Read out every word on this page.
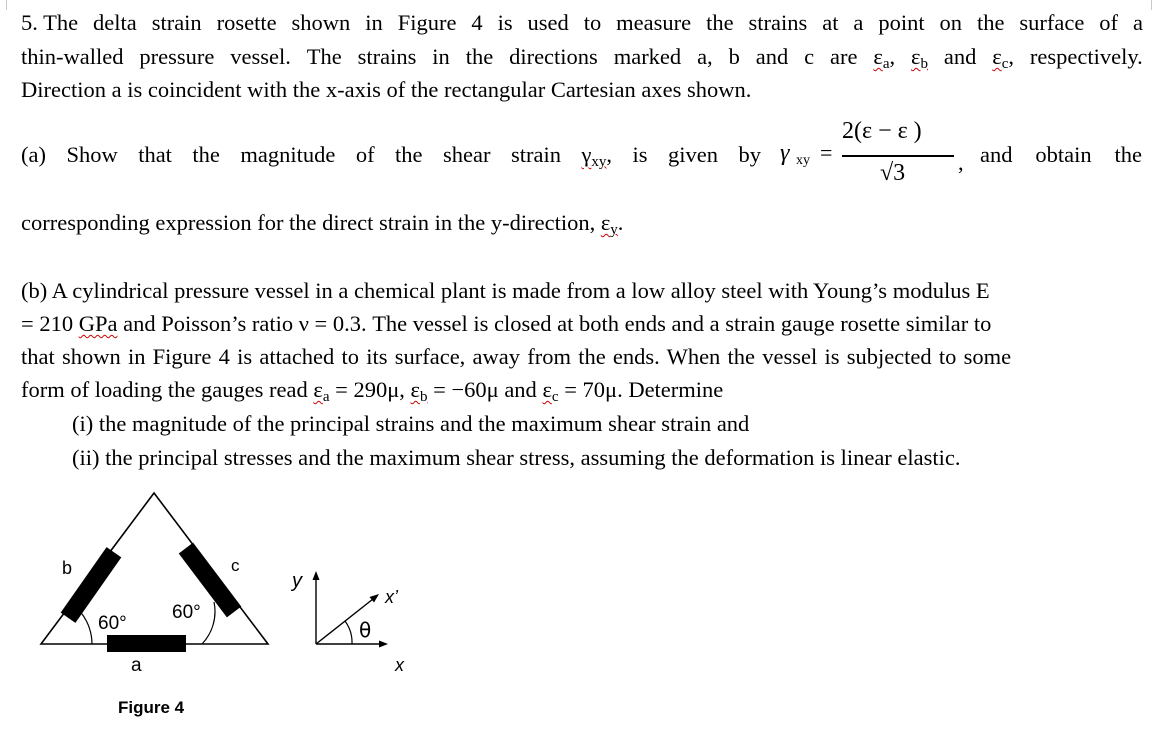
5. The delta strain rosette shown in Figure 4 is used to measure the strains at a point on the surface of a
thin-walled pressure vessel. The strains in the directions marked a, b and c are $\varepsilon_a$, $\varepsilon_b$ and $\varepsilon_c$, respectively.
Direction a is coincident with the x-axis of the rectangular Cartesian axes shown.
(a) Show that the magnitude of the shear strain $\gamma_{xy}$, is given by γ xy =
2(ε − ε )
√3 , and obtain the
corresponding expression for the direct strain in the y-direction, $\varepsilon_y$.
(b) A cylindrical pressure vessel in a chemical plant is made from a low alloy steel with Young’s modulus E
= 210 GPa and Poisson’s ratio ν = 0.3. The vessel is closed at both ends and a strain gauge rosette similar to
that shown in Figure 4 is attached to its surface, away from the ends. When the vessel is subjected to some
form of loading the gauges read $\varepsilon_a = 290\mu$, $\varepsilon_b = -60\mu$ and $\varepsilon_c = 70\mu$. Determine
(i) the magnitude of the principal strains and the maximum shear strain and
(ii) the principal stresses and the maximum shear stress, assuming the deformation is linear elastic.
60°
60°
b	c
a
y
x
x’
θ
Figure 4
